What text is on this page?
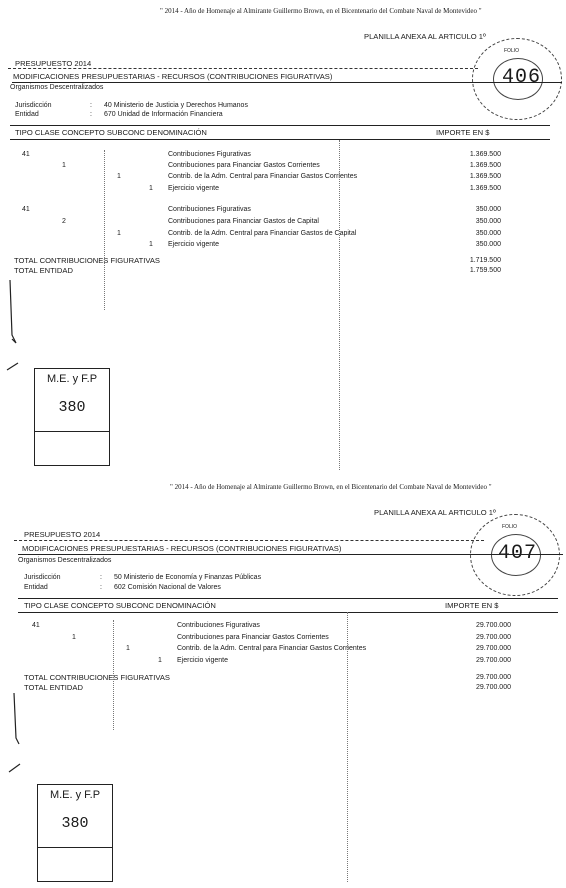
" 2014 - Año de Homenaje al Almirante Guillermo Brown, en el Bicentenario del Combate Naval de Montevideo "
PLANILLA ANEXA AL ARTICULO 1º
FOLIO
406
PRESUPUESTO 2014
MODIFICACIONES PRESUPUESTARIAS - RECURSOS (CONTRIBUCIONES FIGURATIVAS)
Organismos Descentralizados
Jurisdicción	: 40 Ministerio de Justicia y Derechos Humanos
Entidad	: 670 Unidad de Información Financiera
TIPO CLASE CONCEPTO SUBCONC DENOMINACIÓN	IMPORTE EN $
41	Contribuciones Figurativas	1.369.500
1	Contribuciones para Financiar Gastos Corrientes	1.369.500
1	Contrib. de la Adm. Central para Financiar Gastos Corrientes	1.369.500
1 Ejercicio vigente	1.369.500
41	Contribuciones Figurativas	350.000
2	Contribuciones para Financiar Gastos de Capital	350.000
1	Contrib. de la Adm. Central para Financiar Gastos de Capital	350.000
1 Ejercicio vigente	350.000
TOTAL CONTRIBUCIONES FIGURATIVAS	1.719.500
TOTAL ENTIDAD	1.759.500
M.E. y F.P
380
" 2014 - Año de Homenaje al Almirante Guillermo Brown, en el Bicentenario del Combate Naval de Montevideo "
PLANILLA ANEXA AL ARTICULO 1º
FOLIO
407
PRESUPUESTO 2014
MODIFICACIONES PRESUPUESTARIAS - RECURSOS (CONTRIBUCIONES FIGURATIVAS)
Organismos Descentralizados
Jurisdicción	: 50 Ministerio de Economía y Finanzas Públicas
Entidad	: 602 Comisión Nacional de Valores
TIPO CLASE CONCEPTO SUBCONC DENOMINACIÓN	IMPORTE EN $
41	Contribuciones Figurativas	29.700.000
1	Contribuciones para Financiar Gastos Corrientes	29.700.000
1	Contrib. de la Adm. Central para Financiar Gastos Corrientes	29.700.000
1 Ejercicio vigente	29.700.000
TOTAL CONTRIBUCIONES FIGURATIVAS	29.700.000
TOTAL ENTIDAD	29.700.000
M.E. y F.P
380
